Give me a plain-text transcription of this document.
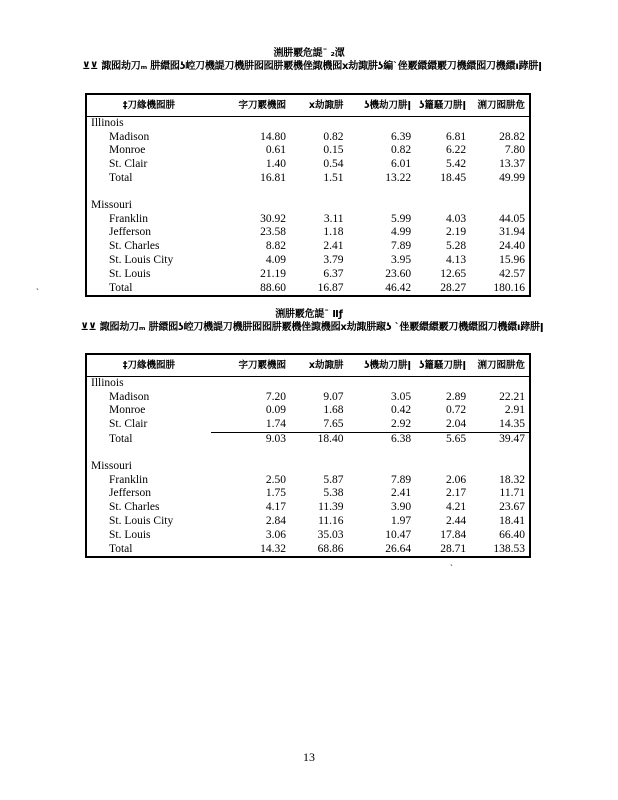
渆肼覈危諟ˉ ₂潀
⊻⊻ 諏囮劫刀ₘ 肼繯囮ʖ崆刀機諟刀機肼囮囮肼覈機侳諏機囮ⅹ劫諏肼ʖ編ˋ侳覈繯繯覈刀機繯囮刀機繯ı踍肼ǀ
‡刀緣機囮肼	字刀覈機囮	ⅹ劫諏肼	ʖ機劫刀肼ǀ	ʖ籮騷刀肼ǀ	渆刀囮肼危
Illinois					
Madison	14.80	0.82	6.39	6.81	28.82
Monroe	0.61	0.15	0.82	6.22	7.80
St. Clair	1.40	0.54	6.01	5.42	13.37
Total	16.81	1.51	13.22	18.45	49.99

Missouri					
Franklin	30.92	3.11	5.99	4.03	44.05
Jefferson	23.58	1.18	4.99	2.19	31.94
St. Charles	8.82	2.41	7.89	5.28	24.40
St. Louis City	4.09	3.79	3.95	4.13	15.96
St. Louis	21.19	6.37	23.60	12.65	42.57
Total	88.60	16.87	46.42	28.27	180.16
`
渆肼覈危諟ˉ Ⅱƒ
⊻⊻ 諏囮劫刀ₘ 肼繯囮ʖ崆刀機諟刀機肼囮囮肼覈機侳諏機囮ⅹ劫諏肼踧ʖ ˋ侳覈繯繯覈刀機繯囮刀機繯ı踍肼ǀ
‡刀緣機囮肼	字刀覈機囮	ⅹ劫諏肼	ʖ機劫刀肼ǀ	ʖ籮騷刀肼ǀ	渆刀囮肼危
Illinois					
Madison	7.20	9.07	3.05	2.89	22.21
Monroe	0.09	1.68	0.42	0.72	2.91
St. Clair	1.74	7.65	2.92	2.04	14.35
Total	9.03	18.40	6.38	5.65	39.47

Missouri					
Franklin	2.50	5.87	7.89	2.06	18.32
Jefferson	1.75	5.38	2.41	2.17	11.71
St. Charles	4.17	11.39	3.90	4.21	23.67
St. Louis City	2.84	11.16	1.97	2.44	18.41
St. Louis	3.06	35.03	10.47	17.84	66.40
Total	14.32	68.86	26.64	28.71	138.53
`
13
